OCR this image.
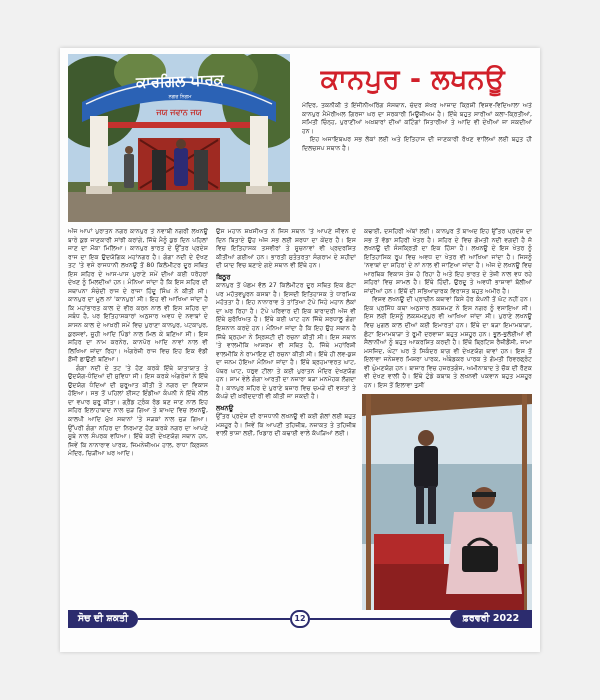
ਕਾਰਗਿਲ ਪਾਰਕ
ਨਗਰ ਨਿਗਮ
ਜਯ ਜਵਾਨ ਜਯ
ਕਾਨਪੁਰ - ਲਖਨਊ

ਮੰਦਿਰ, ਤਕਨੀਕੀ ਤੇ ਇੰਜੀਨੀਅਰਿੰਗ ਸੰਸਥਾਨ, ਚੰਦਰ ਸ਼ੇਖਰ ਆਜ਼ਾਦ ਕ੍ਰਿਸ਼ੀ ਵਿਸ਼ਵ-ਵਿਦਿਆਲਾ ਅਤੇ ਕਾਨਪੁਰ ਮੈਮੋਰੀਅਲ ਗਿਰਜਾ ਘਰ ਦਾ ਸਰਕਾਰੀ ਮਿਊਜ਼ੀਅਮ ਹੈ। ਇੱਥੇ ਬਹੁਤ ਸਾਰੀਆਂ ਕਲਾ-ਕ੍ਰਿਤੀਆਂ, ਸਮਿਤੀ ਚਿੰਨ੍ਹ, ਪੁਰਾਣੀਆਂ ਅਖ਼ਬਾਰਾਂ ਦੀਆਂ ਕਟਿੰਗਾਂ ਸਿਤਾਰੀਆਂ ਤੇ ਆਦਿ ਵੀ ਦੇਖੀਆਂ ਜਾ ਸਕਦੀਆਂ ਹਨ।

ਇਹ ਅਜਾਇਬਘਰ ਸਭ ਲੋਕਾਂ ਲਈ ਅਤੇ ਇਤਿਹਾਸ ਦੀ ਜਾਣਕਾਰੀ ਰੱਖਣ ਵਾਲਿਆਂ ਲਈ ਬਹੁਤ ਹੀ ਦਿਲਚਸਪ ਸਥਾਨ ਹੈ।

ਅੱਜ ਆਪਾਂ ਪੁਰਾਤਨ ਨਗਰ ਕਾਨਪੁਰ ਤੇ ਨਵਾਬੀ ਨਗਰੀ ਲਖਨਊ ਬਾਰੇ ਕੁਝ ਜਾਣਕਾਰੀ ਸਾਂਝੀ ਕਰਾਂਗੇ, ਜਿੱਥੇ ਮੈਨੂੰ ਕੁਝ ਦਿਨ ਪਹਿਲਾਂ ਜਾਣ ਦਾ ਮੌਕਾ ਮਿਲਿਆ। ਕਾਨਪੁਰ ਭਾਰਤ ਦੇ ਉੱਤਰ ਪ੍ਰਦੇਸ਼ ਰਾਜ ਦਾ ਇਕ ਉਦਯੋਗਿਕ ਮਹਾਂਨਗਰ ਹੈ। ਗੰਗਾ ਨਦੀ ਦੇ ਦੱਖਣ ਤਟ 'ਤੇ ਵਸੇ ਰਾਜਧਾਨੀ ਲਖਨਊ ਤੋਂ 80 ਕਿਲੋਮੀਟਰ ਦੂਰ ਸਥਿਤ ਇਸ ਸ਼ਹਿਰ ਦੇ ਆਸ-ਪਾਸ ਪੁਰਾਣੇ ਸਮੇਂ ਦੀਆਂ ਕਈ ਧਰੋਹਰਾਂ ਦੇਖਣ ਨੂੰ ਮਿਲਦੀਆਂ ਹਨ। ਮੰਨਿਆ ਜਾਂਦਾ ਹੈ ਕਿ ਇਸ ਸ਼ਹਿਰ ਦੀ ਸਥਾਪਨਾ ਸੰਚੇਦੀ ਰਾਜ ਦੇ ਰਾਜਾ ਹਿੰਦੂ ਸਿੰਘ ਨੇ ਕੀਤੀ ਸੀ। ਕਾਨਪੁਰ ਦਾ ਮੂਲ ਨਾਂ 'ਕਾਨਪੁਰ' ਸੀ। ਇਹ ਵੀ ਆਖਿਆ ਜਾਂਦਾ ਹੈ ਕਿ ਮਹਾਂਭਾਰਤ ਕਾਲ ਦੇ ਵੀਰ ਕਰਨ ਨਾਲ ਵੀ ਇਸ ਸ਼ਹਿਰ ਦਾ ਸਬੰਧ ਹੈ, ਪਰ ਇਤਿਹਾਸਕਾਰਾਂ ਅਨੁਸਾਰ ਅਵਧ ਦੇ ਨਵਾਬਾਂ ਦੇ ਸ਼ਾਸਨ ਕਾਲ ਦੇ ਆਖ਼ਰੀ ਸਮੇਂ ਵਿਚ ਪੁਰਾਣਾ ਕਾਨਪੁਰ, ਪਟਕਾਪੁਰ, ਕੁਰਸਵਾਂ, ਜੂਹੀ ਆਦਿ ਪਿੰਡਾਂ ਨਾਲ ਮਿਲ ਕੇ ਬਣਿਆ ਸੀ। ਇਸ ਸ਼ਹਿਰ ਦਾ ਨਾਮ ਕਰਨੇਰ, ਕਾਨਪੋਰ ਆਦਿ ਨਾਵਾਂ ਨਾਲ ਵੀ ਲਿਖਿਆ ਜਾਂਦਾ ਰਿਹਾ। ਅੰਗਰੇਜ਼ੀ ਰਾਜ ਵਿਚ ਇਹ ਇਕ ਵੱਡੀ ਫ਼ੌਜੀ ਛਾਉਣੀ ਬਣਿਆ।

ਗੰਗਾ ਨਦੀ ਦੇ ਤਟ 'ਤੇ ਹੋਣ ਕਰਕੇ ਇੱਥੇ ਯਾਤਾਯਾਤ ਤੇ ਉਦਯੋਗ-ਧੰਦਿਆਂ ਦੀ ਸੁਵਿਧਾ ਸੀ। ਇਸ ਕਰਕੇ ਅੰਗਰੇਜ਼ਾਂ ਨੇ ਇੱਥੇ ਉਦਯੋਗ ਧੰਦਿਆਂ ਦੀ ਸ਼ੁਰੂਆਤ ਕੀਤੀ ਤੇ ਨਗਰ ਦਾ ਵਿਕਾਸ ਹੋਇਆ। ਸਭ ਤੋਂ ਪਹਿਲਾਂ ਈਸਟ ਇੰਡੀਆ ਕੰਪਨੀ ਨੇ ਇੱਥੇ ਨੀਲ ਦਾ ਵਪਾਰ ਸ਼ੁਰੂ ਕੀਤਾ। ਗ੍ਰੈਂਡ ਟ੍ਰੰਕ ਰੋਡ ਬਣ ਜਾਣ ਨਾਲ ਇਹ ਸ਼ਹਿਰ ਇਲਾਹਾਬਾਦ ਨਾਲ ਜੁੜ ਗਿਆ ਤੇ ਬਾਅਦ ਵਿਚ ਲਖਨਊ, ਕਾਲਪੀ ਆਦਿ ਮੁੱਖ ਸਥਾਨਾਂ 'ਤੇ ਸੜਕਾਂ ਨਾਲ ਜੁੜ ਗਿਆ। ਉੱਪਰੀ ਗੰਗਾ ਨਹਿਰ ਦਾ ਨਿਰਮਾਣ ਹੋਣ ਕਰਕੇ ਨਗਰ ਦਾ ਆਪਣੇ ਸੂਬੇ ਨਾਲ ਸੰਪਰਕ ਵਧਿਆ। ਇੱਥੇ ਕਈ ਦੇਖਣਯੋਗ ਸਥਾਨ ਹਨ, ਜਿਵੇਂ ਕਿ ਨਾਨਾਰਾਵ ਪਾਰਕ, ਜਿਮਨੇਜ਼ੀਅਮ ਹਾਲ, ਰਾਧਾ ਕ੍ਰਿਸ਼ਨ ਮੰਦਿਰ, ਚਿੜੀਆ ਘਰ ਆਦਿ।

ਉਸ ਮਹਾਨ ਸ਼ਖ਼ਸੀਅਤ ਨੇ ਜਿਸ ਸਥਾਨ 'ਤੇ ਆਪਣੇ ਜੀਵਨ ਦੇ ਦਿਨ ਬਿਤਾਏ ਉਹ ਅੱਜ ਸਭ ਲਈ ਸ਼ਰਧਾ ਦਾ ਕੇਂਦਰ ਹੈ। ਇਸ ਵਿਚ ਇਤਿਹਾਸਕ ਤਸਵੀਰਾਂ ਤੇ ਸੂਚਨਾਵਾਂ ਵੀ ਪ੍ਰਦਰਸ਼ਿਤ ਕੀਤੀਆਂ ਗਈਆਂ ਹਨ। ਭਾਰਤੀ ਸੁਤੰਤਰਤਾ ਸੰਗਰਾਮ ਦੇ ਸ਼ਹੀਦਾਂ ਦੀ ਯਾਦ ਵਿਚ ਬਣਾਏ ਗਏ ਸਥਾਨ ਵੀ ਇੱਥੇ ਹਨ।

ਬਿਠੂਰ

ਕਾਨਪੁਰ ਤੋਂ ਪੱਛਮ ਵੱਲ 27 ਕਿਲੋਮੀਟਰ ਦੂਰ ਸਥਿਤ ਇਕ ਛੋਟਾ ਪਰ ਮਹੱਤਵਪੂਰਨ ਕਸਬਾ ਹੈ। ਇਸਦੀ ਇਤਿਹਾਸਕ ਤੇ ਧਾਰਮਿਕ ਮਹੱਤਤਾ ਹੈ। ਇਹ ਨਾਨਾਰਾਵ ਤੇ ਤਾਂਤਿਆ ਟੋਪੇ ਜਿਹੇ ਮਹਾਨ ਲੋਕਾਂ ਦਾ ਘਰ ਰਿਹਾ ਹੈ। ਟੋਪੇ ਪਰਿਵਾਰ ਦੀ ਇਕ ਬਾਰਾਦਰੀ ਅੱਜ ਵੀ ਇੱਥੇ ਸੁਰੱਖਿਅਤ ਹੈ। ਇੱਥੇ ਕਈ ਘਾਟ ਹਨ ਜਿੱਥੇ ਸ਼ਰਧਾਲੂ ਗੰਗਾ ਇਸ਼ਨਾਨ ਕਰਦੇ ਹਨ। ਮੰਨਿਆ ਜਾਂਦਾ ਹੈ ਕਿ ਇਹ ਉਹ ਸਥਾਨ ਹੈ ਜਿੱਥੇ ਬ੍ਰਹਮਾ ਨੇ ਸ੍ਰਿਸ਼ਟੀ ਦੀ ਰਚਨਾ ਕੀਤੀ ਸੀ। ਇਸ ਸਥਾਨ 'ਤੇ ਵਾਲਮੀਕਿ ਆਸ਼ਰਮ ਵੀ ਸਥਿਤ ਹੈ, ਜਿੱਥੇ ਮਹਾਂਰਿਸ਼ੀ ਵਾਲਮੀਕਿ ਨੇ ਰਾਮਾਇਣ ਦੀ ਰਚਨਾ ਕੀਤੀ ਸੀ। ਇੱਥੇ ਹੀ ਲਵ-ਕੁਸ਼ ਦਾ ਜਨਮ ਹੋਇਆ ਮੰਨਿਆ ਜਾਂਦਾ ਹੈ। ਇੱਥੇ ਬ੍ਰਹਮਾਵਰਤ ਘਾਟ, ਪੱਥਰ ਘਾਟ, ਧਰੁਵ ਟੀਲਾ ਤੇ ਕਈ ਪੁਰਾਤਨ ਮੰਦਿਰ ਦੇਖਣਯੋਗ ਹਨ। ਸ਼ਾਮ ਵੇਲੇ ਗੰਗਾ ਆਰਤੀ ਦਾ ਨਜ਼ਾਰਾ ਬੜਾ ਮਨਮੋਹਕ ਲੱਗਦਾ ਹੈ। ਕਾਨਪੁਰ ਸ਼ਹਿਰ ਦੇ ਪੁਰਾਣੇ ਬਜ਼ਾਰ ਵਿਚ ਚਮੜੇ ਦੀ ਵਸਤਾਂ ਤੇ ਕੱਪੜੇ ਦੀ ਖ਼ਰੀਦਦਾਰੀ ਵੀ ਕੀਤੀ ਜਾ ਸਕਦੀ ਹੈ।

ਲਖਨਊ

ਉੱਤਰ ਪ੍ਰਦੇਸ਼ ਦੀ ਰਾਜਧਾਨੀ ਲਖਨਊ ਵੀ ਕਈ ਗੱਲਾਂ ਲਈ ਬਹੁਤ ਮਸ਼ਹੂਰ ਹੈ। ਜਿਵੇਂ ਕਿ ਆਪਣੀ ਤਹਿਜ਼ੀਬ, ਨਜ਼ਾਕਤ ਤੇ ਤਹਿਜ਼ੀਬ ਵਾਲੀ ਭਾਸ਼ਾ ਲਈ, ਖਿਡਾਰ ਦੀ ਕਢਾਈ ਵਾਲੇ ਕੱਪੜਿਆਂ ਲਈ।

ਕਢਾਈ, ਦਸਹਿਰੀ ਅੰਬਾਂ ਲਈ। ਕਾਨਪੁਰ ਤੋਂ ਬਾਅਦ ਇਹ ਉੱਤਰ ਪ੍ਰਦੇਸ਼ ਦਾ ਸਭ ਤੋਂ ਵੱਡਾ ਸ਼ਹਿਰੀ ਖੇਤਰ ਹੈ। ਸ਼ਹਿਰ ਦੇ ਵਿਚ ਗੋਮਤੀ ਨਦੀ ਵਗਦੀ ਹੈ ਜੋ ਲਖਨਊ ਦੀ ਸੰਸਕ੍ਰਿਤੀ ਦਾ ਇਕ ਹਿੱਸਾ ਹੈ। ਲਖਨਊ ਦੇ ਇਸ ਖੇਤਰ ਨੂੰ ਇਤਿਹਾਸਿਕ ਰੂਪ ਵਿਚ ਅਵਧ ਦਾ ਖੇਤਰ ਵੀ ਆਖਿਆ ਜਾਂਦਾ ਹੈ। ਜਿਸਨੂੰ 'ਨਵਾਬਾਂ ਦਾ ਸ਼ਹਿਰ' ਦੇ ਨਾਂ ਨਾਲ ਵੀ ਜਾਣਿਆ ਜਾਂਦਾ ਹੈ। ਅੱਜ ਦੇ ਲਖਨਊ ਵਿਚ ਆਰਥਿਕ ਵਿਕਾਸ ਤੇਜ਼ ਹੋ ਰਿਹਾ ਹੈ ਅਤੇ ਇਹ ਭਾਰਤ ਦੇ ਤੇਜ਼ੀ ਨਾਲ ਵਧ ਰਹੇ ਸ਼ਹਿਰਾਂ ਵਿਚ ਸ਼ਾਮਲ ਹੈ। ਇੱਥੇ ਹਿੰਦੀ, ਉਰਦੂ ਤੇ ਅਵਧੀ ਭਾਸ਼ਾਵਾਂ ਬੋਲੀਆਂ ਜਾਂਦੀਆਂ ਹਨ। ਇੱਥੋਂ ਦੀ ਸਭਿਆਚਾਰਕ ਵਿਰਾਸਤ ਬਹੁਤ ਅਮੀਰ ਹੈ।

ਵਿਸ਼ਵ ਲਖਨਊ ਦੀ ਪ੍ਰਾਚੀਨ ਕਥਾਵਾਂ ਕਿਸੇ ਹੋਰ ਕੰਪਨੀ ਤੋਂ ਘੱਟ ਨਹੀਂ ਹਨ। ਇਕ ਪ੍ਰਸਿੱਧ ਕਥਾ ਅਨੁਸਾਰ ਲਕਸ਼ਮਣ ਨੇ ਇਸ ਨਗਰ ਨੂੰ ਵਸਾਇਆ ਸੀ। ਇਸ ਲਈ ਇਸਨੂੰ ਲਕਸ਼ਮਣਪੁਰ ਵੀ ਆਖਿਆ ਜਾਂਦਾ ਸੀ। ਪੁਰਾਣੇ ਲਖਨਊ ਵਿਚ ਮੁਗਲ ਕਾਲ ਦੀਆਂ ਕਈ ਇਮਾਰਤਾਂ ਹਨ। ਇੱਥੇ ਦਾ ਬੜਾ ਇਮਾਮਬਾੜਾ, ਛੋਟਾ ਇਮਾਮਬਾੜਾ ਤੇ ਰੂਮੀ ਦਰਵਾਜ਼ਾ ਬਹੁਤ ਮਸ਼ਹੂਰ ਹਨ। ਭੂਲ-ਭੁਲੱਈਆਂ ਵੀ ਸੈਲਾਨੀਆਂ ਨੂੰ ਬਹੁਤ ਆਕਰਸ਼ਿਤ ਕਰਦੀ ਹੈ। ਇੱਥੇ ਬ੍ਰਿਟਿਸ਼ ਰੈਜ਼ੀਡੈਂਸੀ, ਜਾਮਾ ਮਸਜਿਦ, ਘੰਟਾ ਘਰ ਤੇ ਸਿਕੰਦਰ ਬਾਗ ਵੀ ਦੇਖਣਯੋਗ ਥਾਵਾਂ ਹਨ। ਇਸ ਤੋਂ ਇਲਾਵਾ ਜਨੇਸ਼ਵਰ ਮਿਸ਼ਰਾ ਪਾਰਕ, ਅੰਬੇਡਕਰ ਪਾਰਕ ਤੇ ਗੋਮਤੀ ਰਿਵਰਫ੍ਰੰਟ ਵੀ ਘੁੰਮਣਯੋਗ ਹਨ। ਬਾਜ਼ਾਰ ਵਿਚ ਹਜ਼ਰਤਗੰਜ, ਅਮੀਨਾਬਾਦ ਤੇ ਚੌਕ ਦੀ ਰੌਣਕ ਵੀ ਦੇਖਣ ਵਾਲੀ ਹੈ। ਇੱਥੇ ਟੁੰਡੇ ਕਬਾਬ ਤੇ ਲਖਨਵੀ ਪਕਵਾਨ ਬਹੁਤ ਮਸ਼ਹੂਰ ਹਨ। ਇਸ ਤੋਂ ਇਲਾਵਾ ਤੁਸੀਂ

ਸੋਚ ਦੀ ਸ਼ਕਤੀ	12	ਫ਼ਰਵਰੀ 2022
